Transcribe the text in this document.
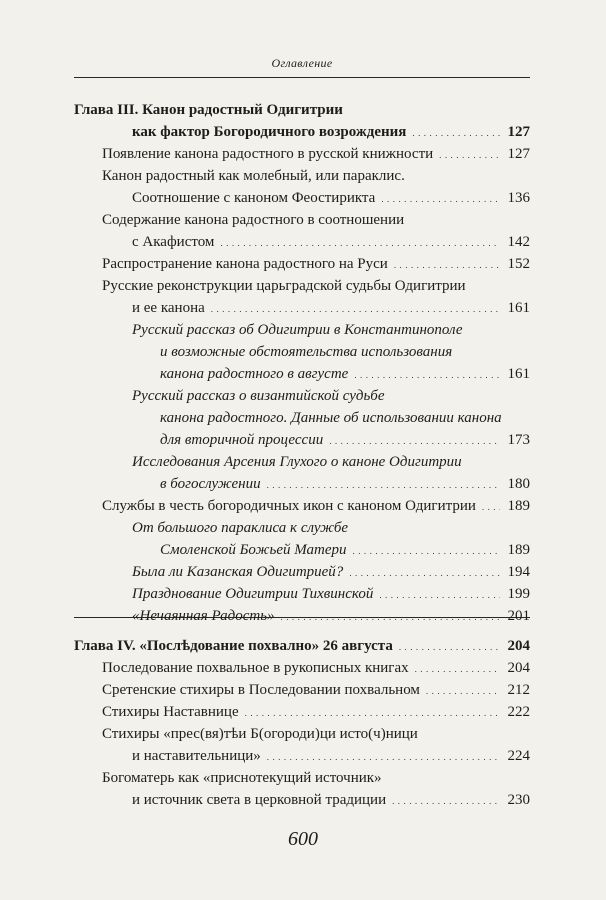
Оглавление
Глава III. Канон радостный Одигитрии
как фактор Богородичного возрождения . . .	127
Появление канона радостного в русской книжности . . .	127
Канон радостный как молебный, или параклис.
Соотношение с каноном Феостирикта . . .	136
Содержание канона радостного в соотношении
с Акафистом . . .	142
Распространение канона радостного на Руси . . .	152
Русские реконструкции царьградской судьбы Одигитрии
и ее канона . . .	161
Русский рассказ об Одигитрии в Константинополе
и возможные обстоятельства использования
канона радостного в августе . . .	161
Русский рассказ о византийской судьбе
канона радостного. Данные об использовании канона
для вторичной процессии . . .	173
Исследования Арсения Глухого о каноне Одигитрии
в богослужении . . .	180
Службы в честь богородичных икон с каноном Одигитрии . . . 189
От большого параклиса к службе
Смоленской Божьей Матери . . .	189
Была ли Казанская Одигитрией? . . .	194
Празднование Одигитрии Тихвинской . . .	199
«Нечаянная Радость» . . .	201
Глава IV. «Послѣдование похвално» 26 августа . . .	204
Последование похвальное в рукописных книгах . . .	204
Сретенские стихиры в Последовании похвальном . . .	212
Стихиры Наставнице . . .	222
Стихиры «прес(вя)тѣи Б(огороди)ци исто(ч)ници
и наставительници» . . .	224
Богоматерь как «приснотекущий источник»
и источник света в церковной традиции . . .	230
600
